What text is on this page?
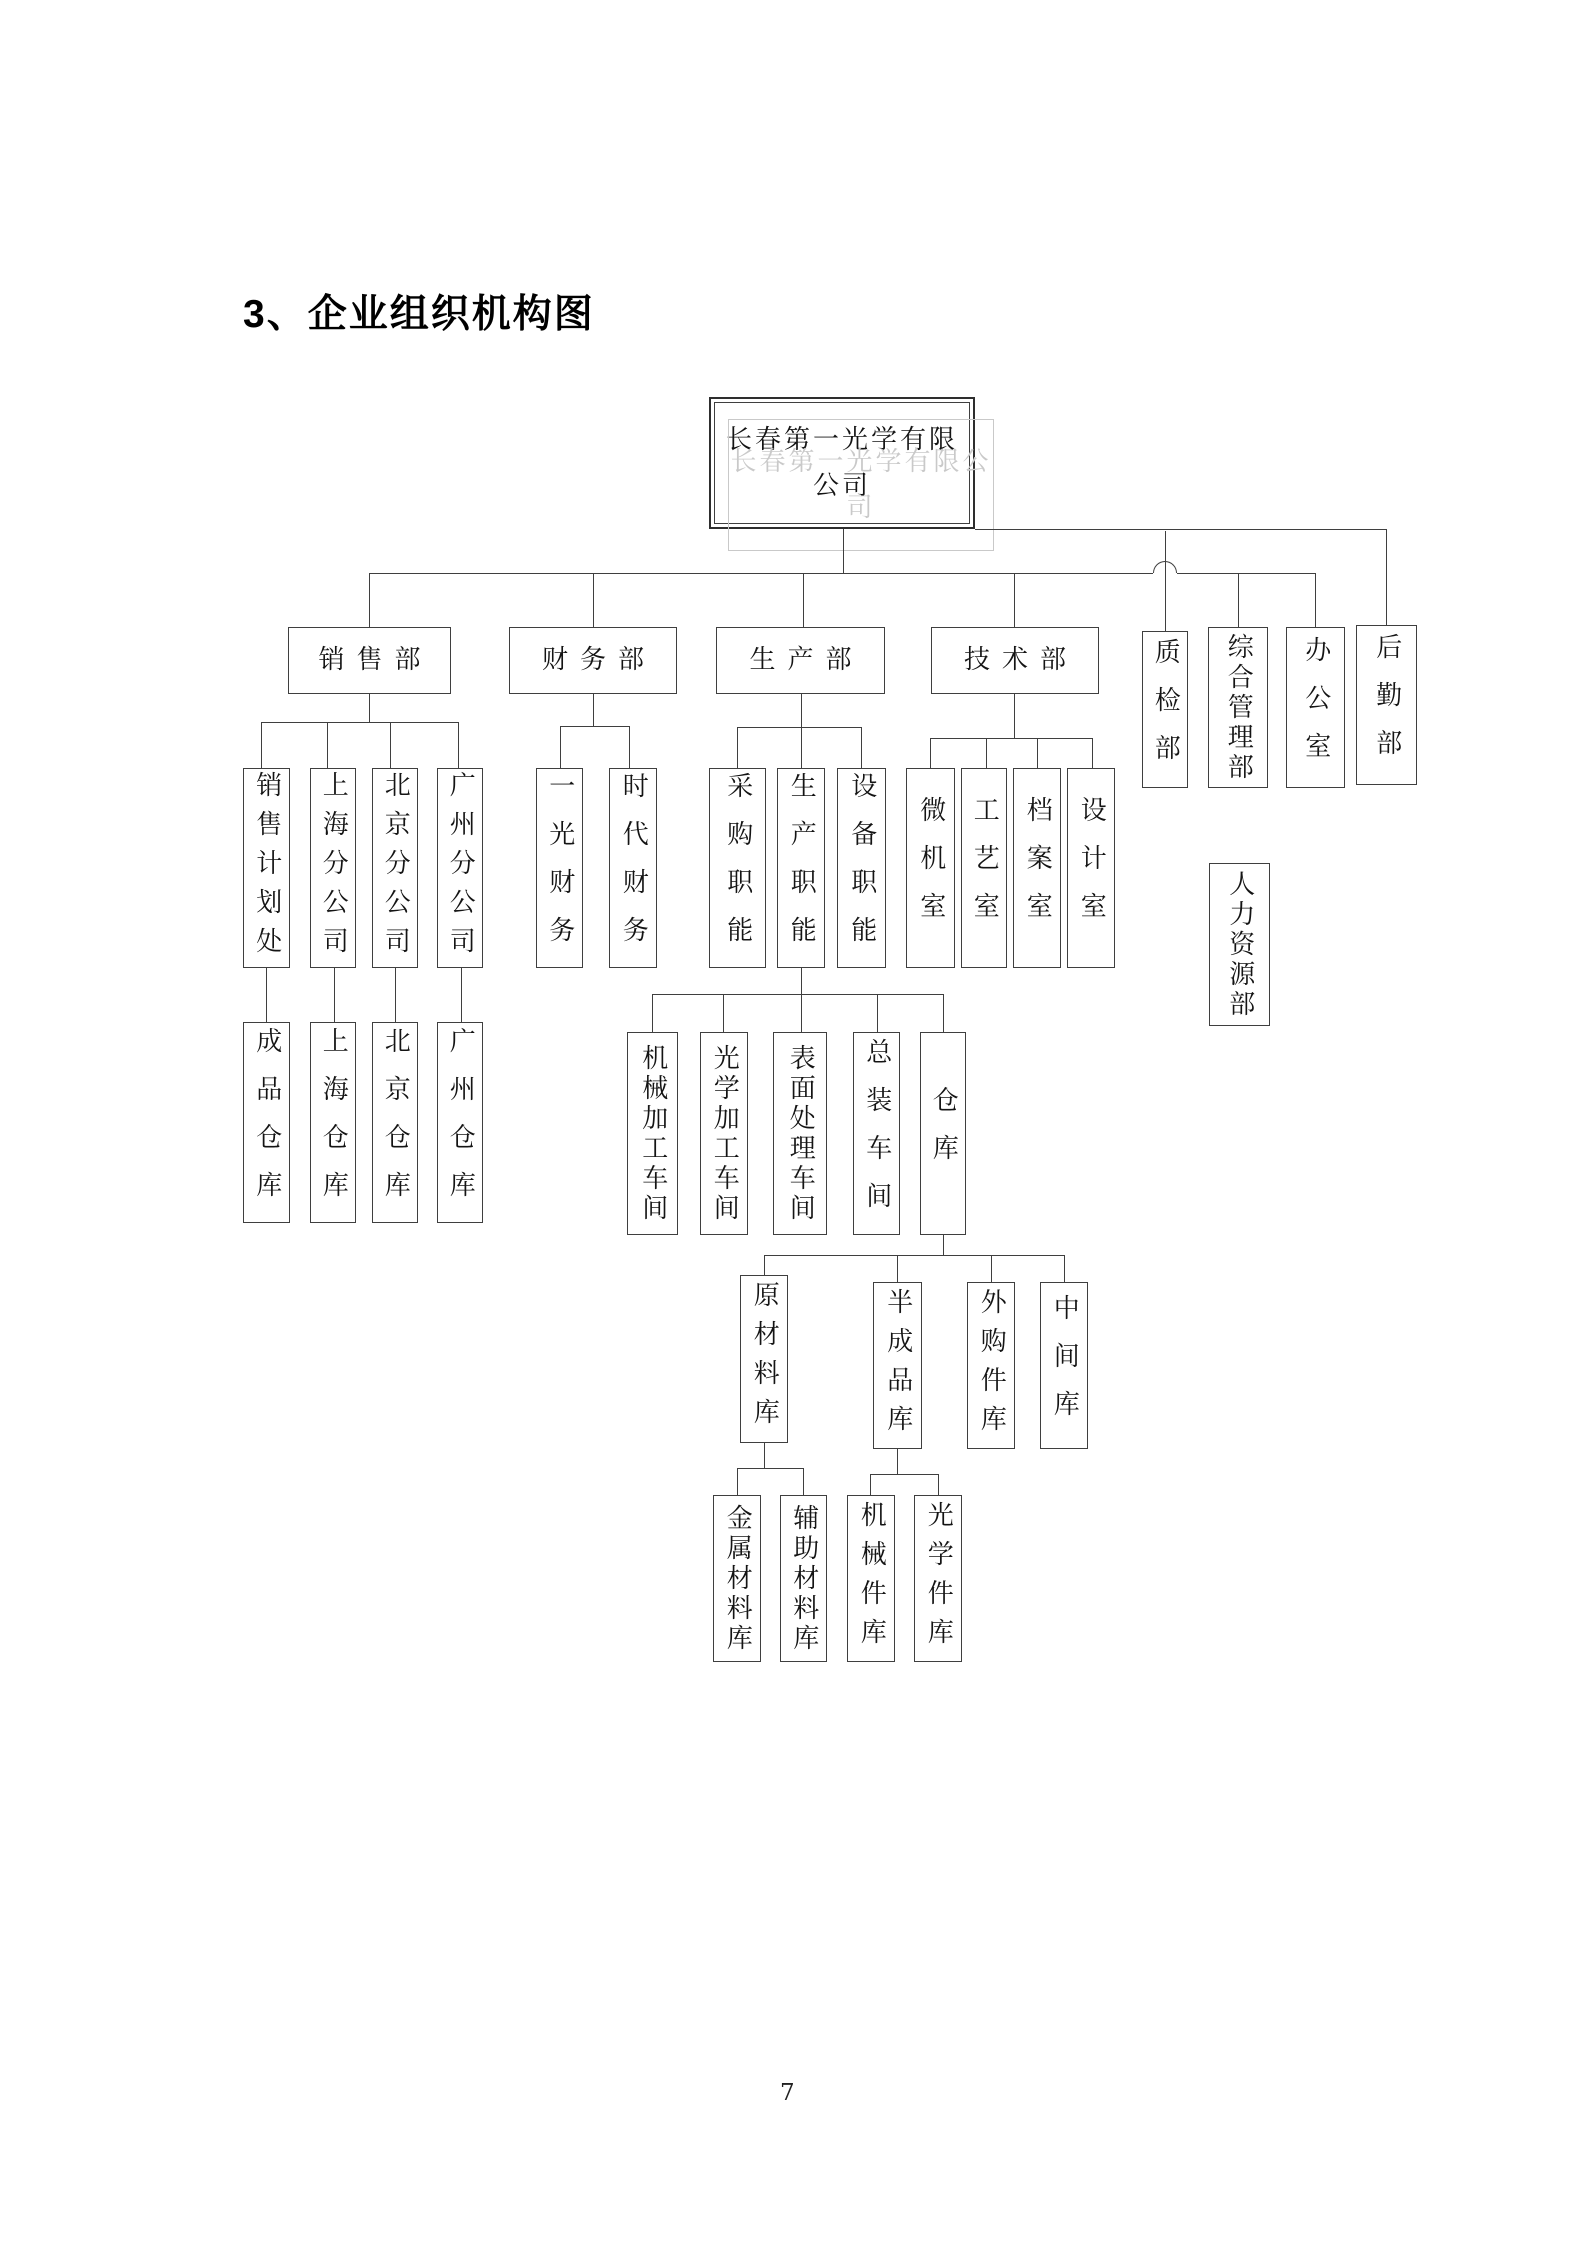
3、企业组织机构图
长春第一光学有限公司
长春第一光学有限公司
销售部	财务部	生产部	技术部	质检部 综合管理部 办公室 后勤部
销售计划处 上海分公司 北京分公司 广州分公司
成品仓库 上海仓库 北京仓库 广州仓库
一光财务 时代财务	采购职能 生产职能 设备职能 微机室 工艺室 档案室 设计室
人力资源部
机械加工车间 光学加工车间 表面处理车间 总装车间 仓库
原材料库	半成品库 外购件库 中间库
金属材料库 辅助材料库 机械件库 光学件库
7
